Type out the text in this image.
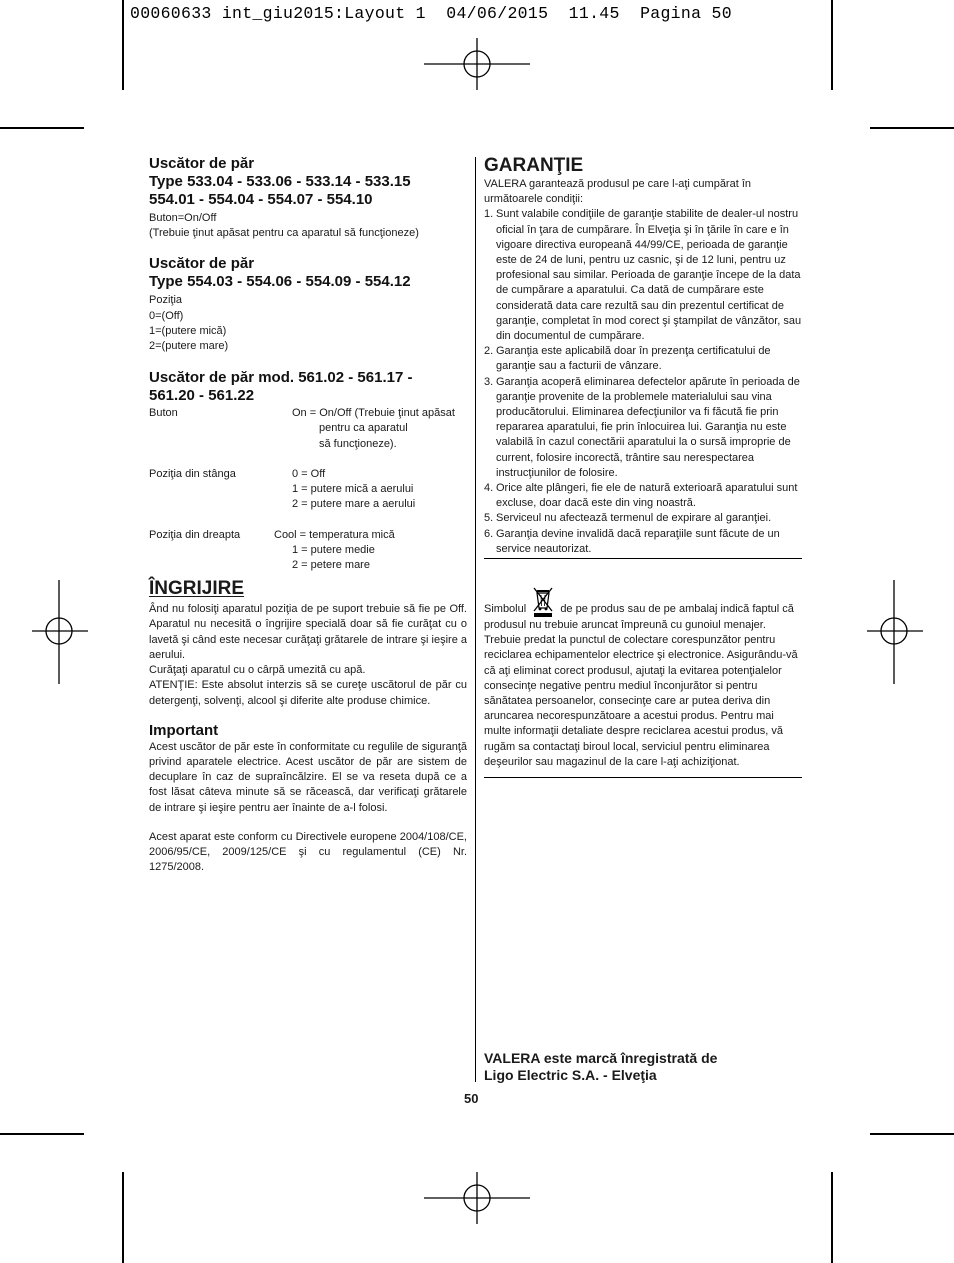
00060633 int_giu2015:Layout 1  04/06/2015  11.45  Pagina 50
Uscător de păr
Type 533.04 - 533.06 - 533.14 - 533.15
554.01 - 554.04 - 554.07 - 554.10
Buton=On/Off
(Trebuie ţinut apăsat pentru ca aparatul să funcţioneze)
Uscător de păr
Type 554.03 - 554.06 - 554.09 - 554.12
Poziţia
0=(Off)
1=(putere mică)
2=(putere mare)
Uscător de păr mod. 561.02 - 561.17 -
561.20 - 561.22
Buton	On = On/Off (Trebuie ţinut apăsat
pentru ca aparatul
să funcţioneze).
Poziţia din stânga	0 = Off
1 = putere mică a aerului
2 = putere mare a aerului
Poziţia din dreapta	Cool = temperatura mică
1 = putere medie
2 = petere mare
ÎNGRIJIRE
Ând nu folosiţi aparatul poziţia de pe suport trebuie să fie pe Off. Aparatul nu necesită o îngrijire specială doar să fie curăţat cu o lavetă şi când este necesar curăţaţi grătarele de intrare şi ieşire a aerului.
Curăţaţi aparatul cu o cârpă umezită cu apă.
ATENŢIE: Este absolut interzis să se cureţe uscătorul de păr cu detergenţi, solvenţi, alcool şi diferite alte produse chimice.
Important
Acest uscător de păr este în conformitate cu regulile de siguranţă privind aparatele electrice. Acest uscător de păr are sistem de decuplare în caz de supraîncălzire. El se va reseta după ce a fost lăsat câteva minute să se răcească, dar verificaţi grătarele de intrare şi ieşire pentru aer înainte de a-l folosi.
Acest aparat este conform cu Directivele europene 2004/108/CE, 2006/95/CE, 2009/125/CE şi cu regulamentul (CE) Nr. 1275/2008.
GARANŢIE
VALERA garantează produsul pe care l-aţi cumpărat în următoarele condiţii:
1. Sunt valabile condiţiile de garanţie stabilite de dealer-ul nostru oficial în ţara de cumpărare. În Elveţia şi în ţările în care e în vigoare directiva europeană 44/99/CE, perioada de garanţie este de 24 de luni, pentru uz casnic, şi de 12 luni, pentru uz profesional sau similar. Perioada de garanţie începe de la data de cumpărare a aparatului. Ca dată de cumpărare este considerată data care rezultă sau din prezentul certificat de garanţie, completat în mod corect şi ştampilat de vânzător, sau din documentul de cumpărare.
2. Garanţia este aplicabilă doar în prezenţa certificatului de garanţie sau a facturii de vânzare.
3. Garanţia acoperă eliminarea defectelor apărute în perioada de garanţie provenite de la problemele materialului sau vina producătorului. Eliminarea defecţiunilor va fi făcută fie prin repararea aparatului, fie prin înlocuirea lui. Garanţia nu este valabilă în cazul conectării aparatului la o sursă improprie de current, folosire incorectă, trântire sau nerespectarea instrucţiunilor de folosire.
4. Orice alte plângeri, fie ele de natură exterioară aparatului sunt excluse, doar dacă este din ving noastră.
5. Serviceul nu afectează termenul de expirare al garanţiei.
6. Garanţia devine invalidă dacă reparaţiile sunt făcute de un service neautorizat.
Simbolul	de pe produs sau de pe ambalaj indică faptul că produsul nu trebuie aruncat împreună cu gunoiul menajer. Trebuie predat la punctul de colectare corespunzător pentru reciclarea echipamentelor electrice şi electronice. Asigurându-vă că aţi eliminat corect produsul, ajutaţi la evitarea potenţialelor consecinţe negative pentru mediul înconjurător si pentru sănătatea persoanelor, consecinţe care ar putea deriva din aruncarea necorespunzătoare a acestui produs. Pentru mai multe informaţii detaliate despre reciclarea acestui produs, vă rugăm sa contactaţi biroul local, serviciul pentru eliminarea deşeurilor sau magazinul de la care l-aţi achiziţionat.
VALERA este marcă înregistrată de
Ligo Electric S.A. - Elveţia
50
